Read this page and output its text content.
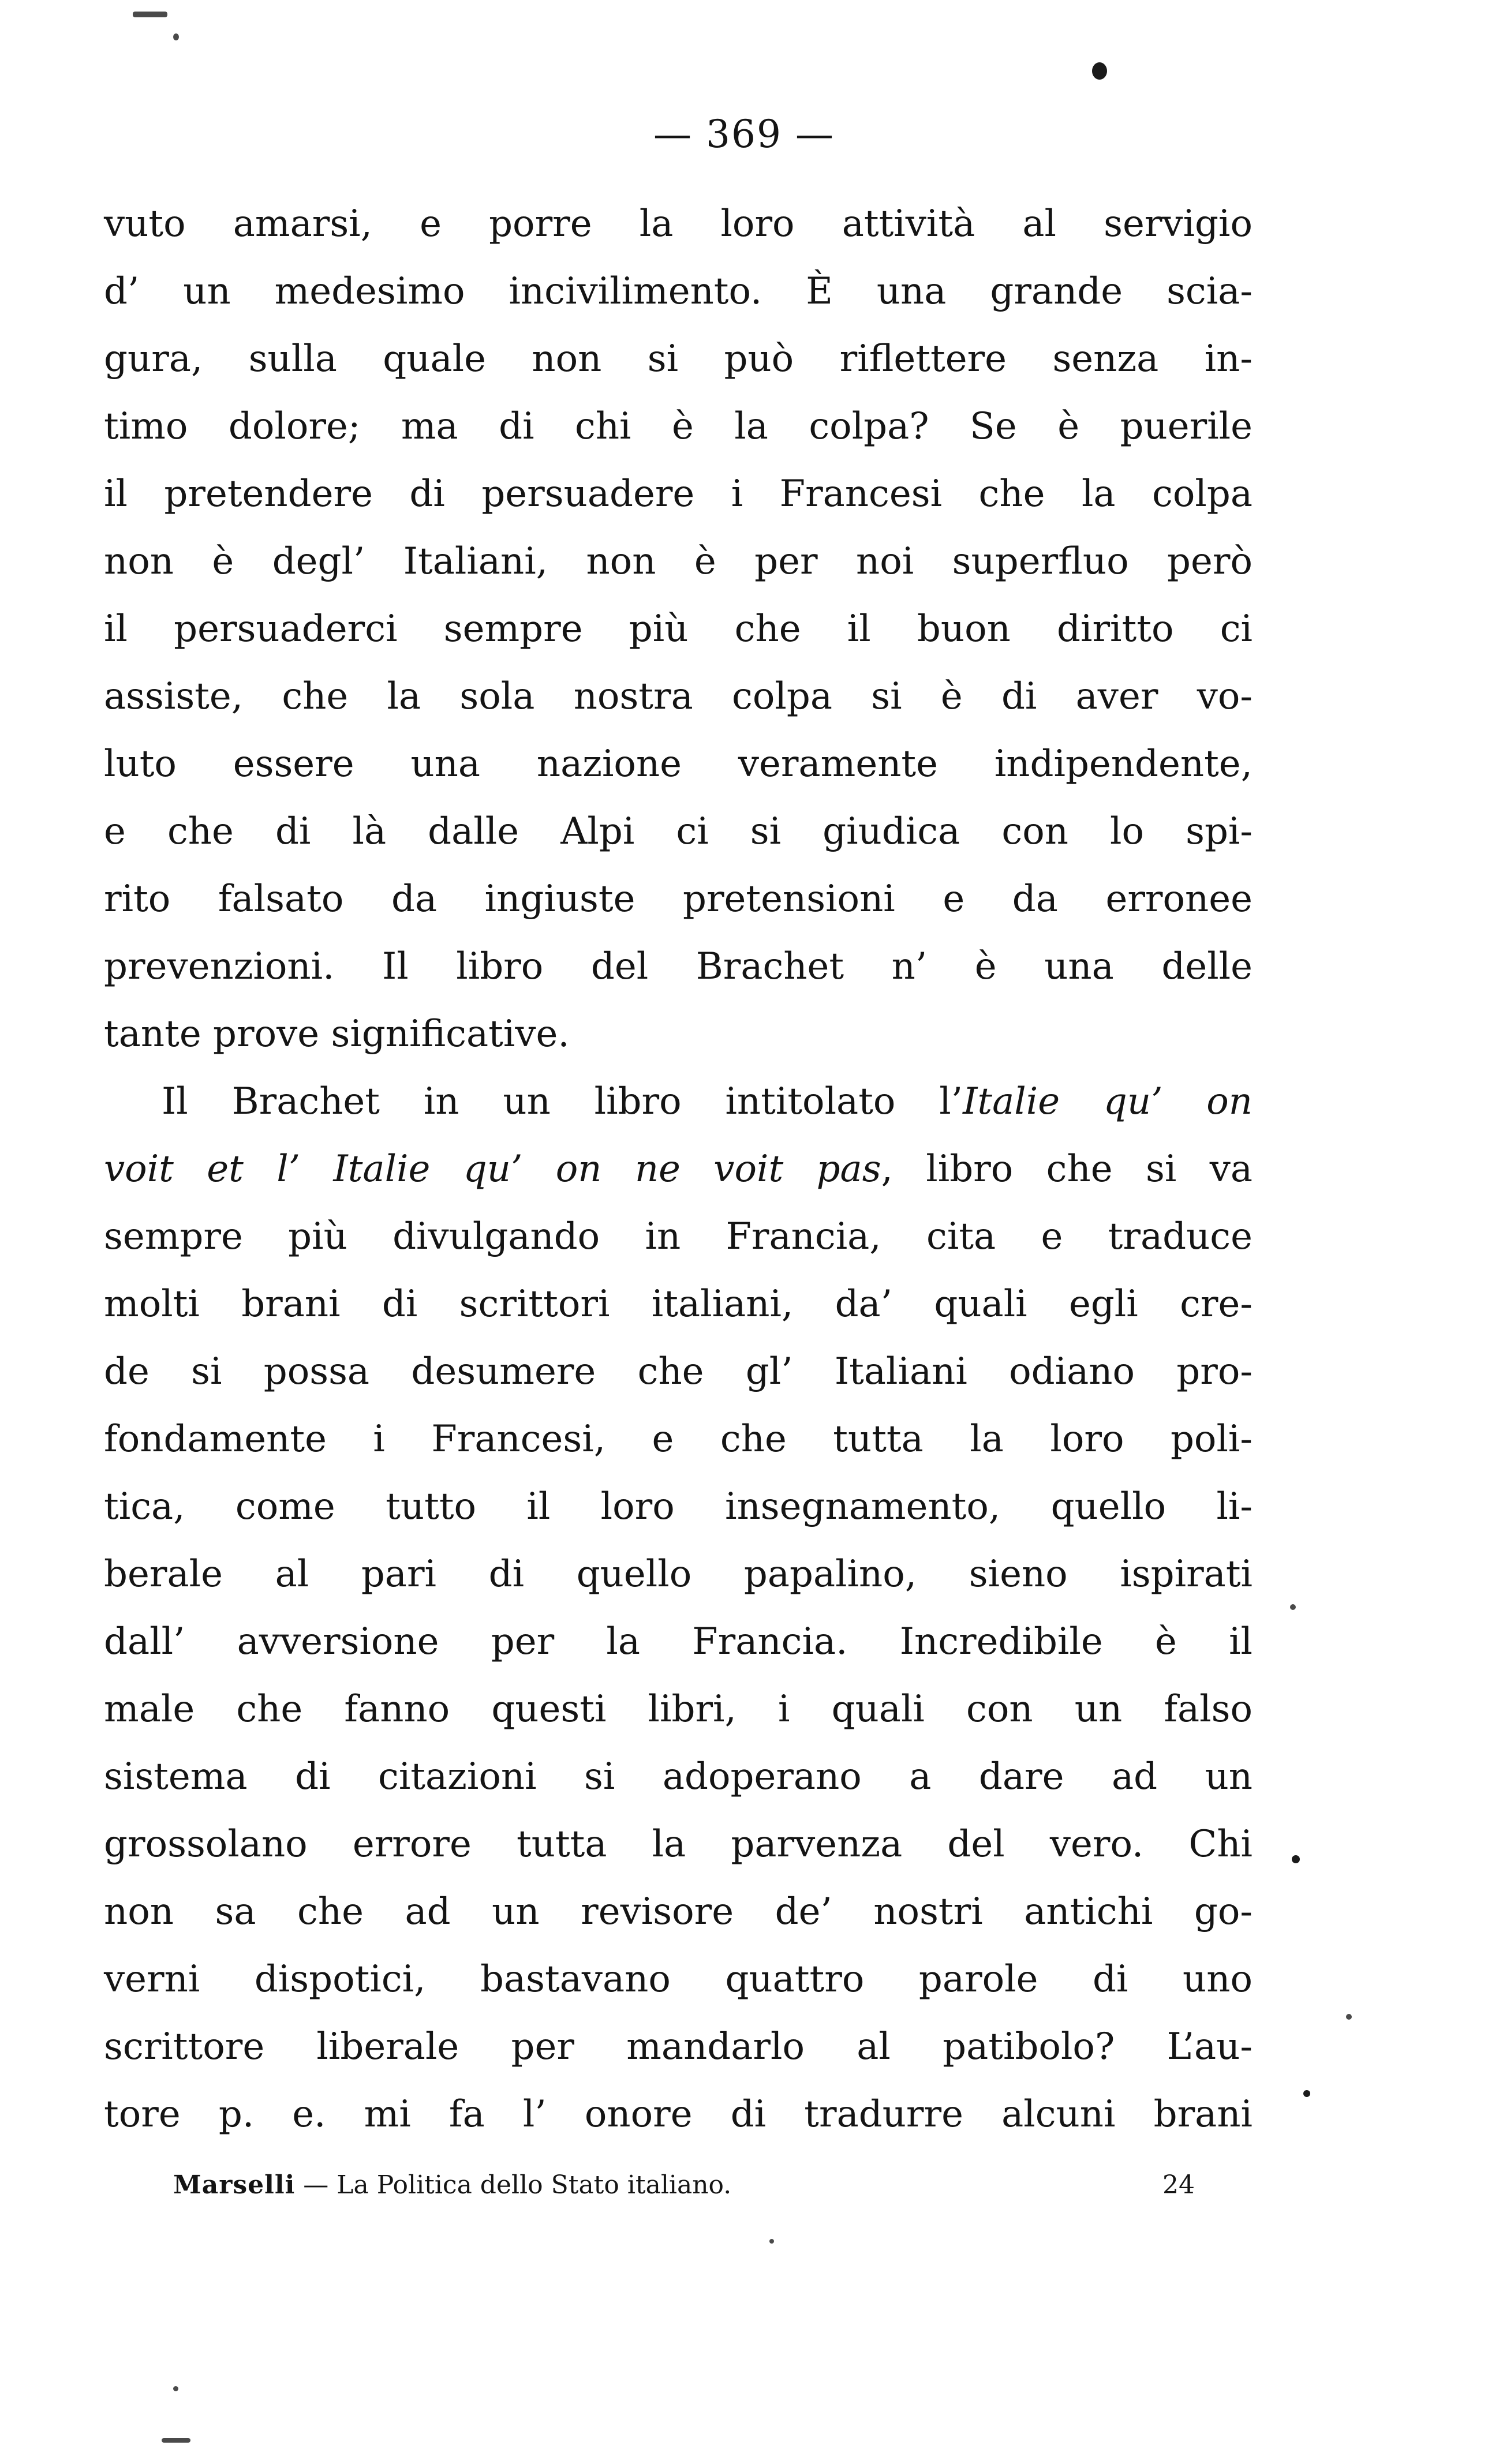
— 369 —
vuto amarsi, e porre la loro attività al servigio
d’ un medesimo incivilimento. È una grande scia-
gura, sulla quale non si può riflettere senza in-
timo dolore; ma di chi è la colpa? Se è puerile
il pretendere di persuadere i Francesi che la colpa
non è degl’ Italiani, non è per noi superfluo però
il persuaderci sempre più che il buon diritto ci
assiste, che la sola nostra colpa si è di aver vo-
luto essere una nazione veramente indipendente,
e che di là dalle Alpi ci si giudica con lo spi-
rito falsato da ingiuste pretensioni e da erronee
prevenzioni. Il libro del Brachet n’ è una delle
tante prove significative.
Il Brachet in un libro intitolato l’Italie qu’ on
voit et l’ Italie qu’ on ne voit pas, libro che si va
sempre più divulgando in Francia, cita e traduce
molti brani di scrittori italiani, da’ quali egli cre-
de si possa desumere che gl’ Italiani odiano pro-
fondamente i Francesi, e che tutta la loro poli-
tica, come tutto il loro insegnamento, quello li-
berale al pari di quello papalino, sieno ispirati
dall’ avversione per la Francia. Incredibile è il
male che fanno questi libri, i quali con un falso
sistema di citazioni si adoperano a dare ad un
grossolano errore tutta la parvenza del vero. Chi
non sa che ad un revisore de’ nostri antichi go-
verni dispotici, bastavano quattro parole di uno
scrittore liberale per mandarlo al patibolo? L’au-
tore p. e. mi fa l’ onore di tradurre alcuni brani
Marselli — La Politica dello Stato italiano.	24
